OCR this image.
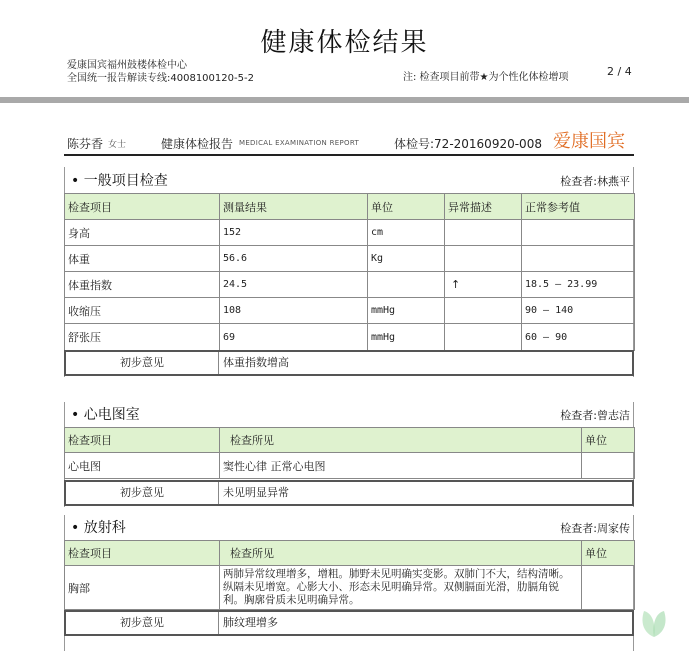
健康体检结果
爱康国宾福州鼓楼体检中心
全国统一报告解读专线:4008100120-5-2	注: 检查项目前带★为个性化体检增项	2 / 4
陈芬香 女士	健康体检报告 MEDICAL EXAMINATION REPORT	体检号:72-20160920-008 爱康国宾
• 一般项目检查	检查者:林燕平
检查项目	测量结果	单位	异常描述	正常参考值
身高	152	cm		
体重	56.6	Kg		
体重指数	24.5		↑	18.5 — 23.99
收缩压	108	mmHg		90 — 140
舒张压	69	mmHg		60 — 90
初步意见	体重指数增高
• 心电图室	检查者:曾志洁
检查项目	检查所见	单位
心电图	窦性心律 正常心电图	
初步意见	未见明显异常
• 放射科	检查者:周家传
检查项目	检查所见	单位
胸部	两肺异常纹理增多，增粗。肺野未见明确实变影。双肺门不大，结构清晰。纵隔未见增宽。心影大小、形态未见明确异常。双侧膈面光滑，肋膈角锐利。胸廓骨质未见明确异常。	
初步意见	肺纹理增多
